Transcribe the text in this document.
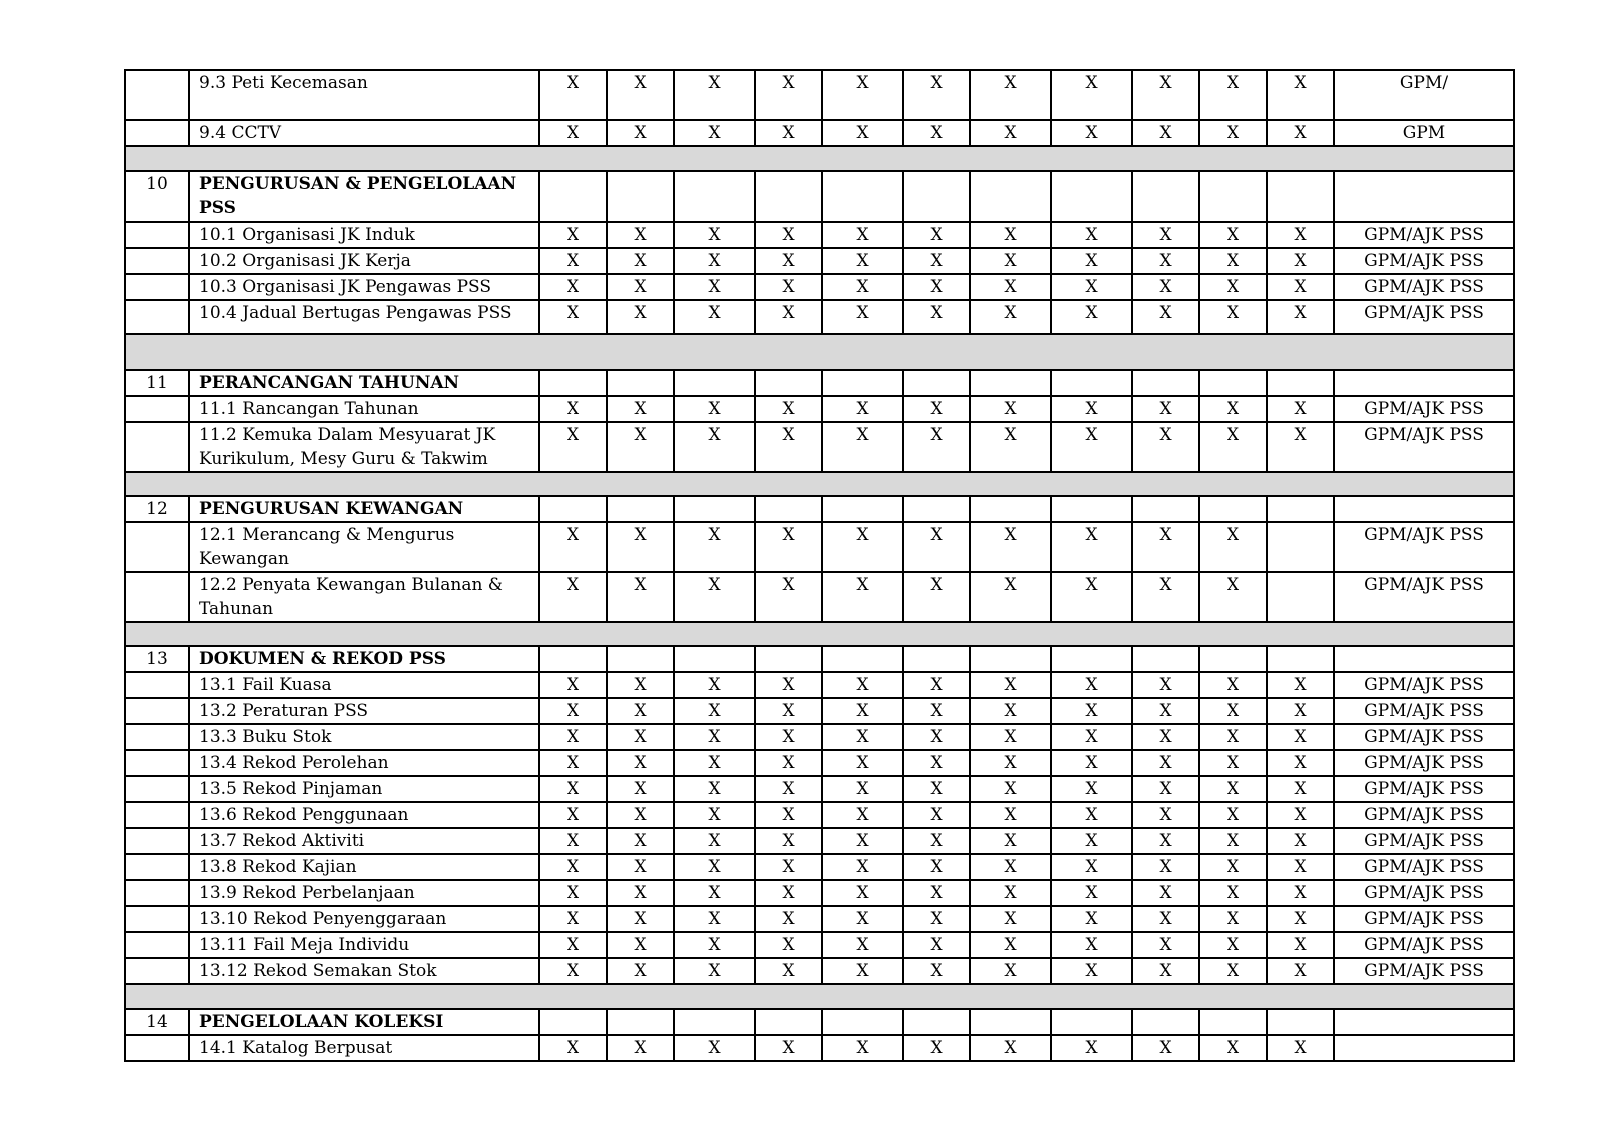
	9.3 Peti Kecemasan	X	X	X	X	X	X	X	X	X	X	X	GPM/
	9.4 CCTV	X	X	X	X	X	X	X	X	X	X	X	GPM

10	PENGURUSAN & PENGELOLAAN PSS												
	10.1 Organisasi JK Induk	X	X	X	X	X	X	X	X	X	X	X	GPM/AJK PSS
	10.2 Organisasi JK Kerja	X	X	X	X	X	X	X	X	X	X	X	GPM/AJK PSS
	10.3 Organisasi JK Pengawas PSS	X	X	X	X	X	X	X	X	X	X	X	GPM/AJK PSS
	10.4 Jadual Bertugas Pengawas PSS	X	X	X	X	X	X	X	X	X	X	X	GPM/AJK PSS

11	PERANCANGAN TAHUNAN												
	11.1 Rancangan Tahunan	X	X	X	X	X	X	X	X	X	X	X	GPM/AJK PSS
	11.2 Kemuka Dalam Mesyuarat JK Kurikulum, Mesy Guru & Takwim	X	X	X	X	X	X	X	X	X	X	X	GPM/AJK PSS

12	PENGURUSAN KEWANGAN												
	12.1 Merancang & Mengurus Kewangan	X	X	X	X	X	X	X	X	X	X		GPM/AJK PSS
	12.2 Penyata Kewangan Bulanan & Tahunan	X	X	X	X	X	X	X	X	X	X		GPM/AJK PSS

13	DOKUMEN & REKOD PSS												
	13.1 Fail Kuasa	X	X	X	X	X	X	X	X	X	X	X	GPM/AJK PSS
	13.2 Peraturan PSS	X	X	X	X	X	X	X	X	X	X	X	GPM/AJK PSS
	13.3 Buku Stok	X	X	X	X	X	X	X	X	X	X	X	GPM/AJK PSS
	13.4 Rekod Perolehan	X	X	X	X	X	X	X	X	X	X	X	GPM/AJK PSS
	13.5 Rekod Pinjaman	X	X	X	X	X	X	X	X	X	X	X	GPM/AJK PSS
	13.6 Rekod Penggunaan	X	X	X	X	X	X	X	X	X	X	X	GPM/AJK PSS
	13.7 Rekod Aktiviti	X	X	X	X	X	X	X	X	X	X	X	GPM/AJK PSS
	13.8 Rekod Kajian	X	X	X	X	X	X	X	X	X	X	X	GPM/AJK PSS
	13.9 Rekod Perbelanjaan	X	X	X	X	X	X	X	X	X	X	X	GPM/AJK PSS
	13.10 Rekod Penyenggaraan	X	X	X	X	X	X	X	X	X	X	X	GPM/AJK PSS
	13.11 Fail Meja Individu	X	X	X	X	X	X	X	X	X	X	X	GPM/AJK PSS
	13.12 Rekod Semakan Stok	X	X	X	X	X	X	X	X	X	X	X	GPM/AJK PSS

14	PENGELOLAAN KOLEKSI												
	14.1 Katalog Berpusat	X	X	X	X	X	X	X	X	X	X	X	
